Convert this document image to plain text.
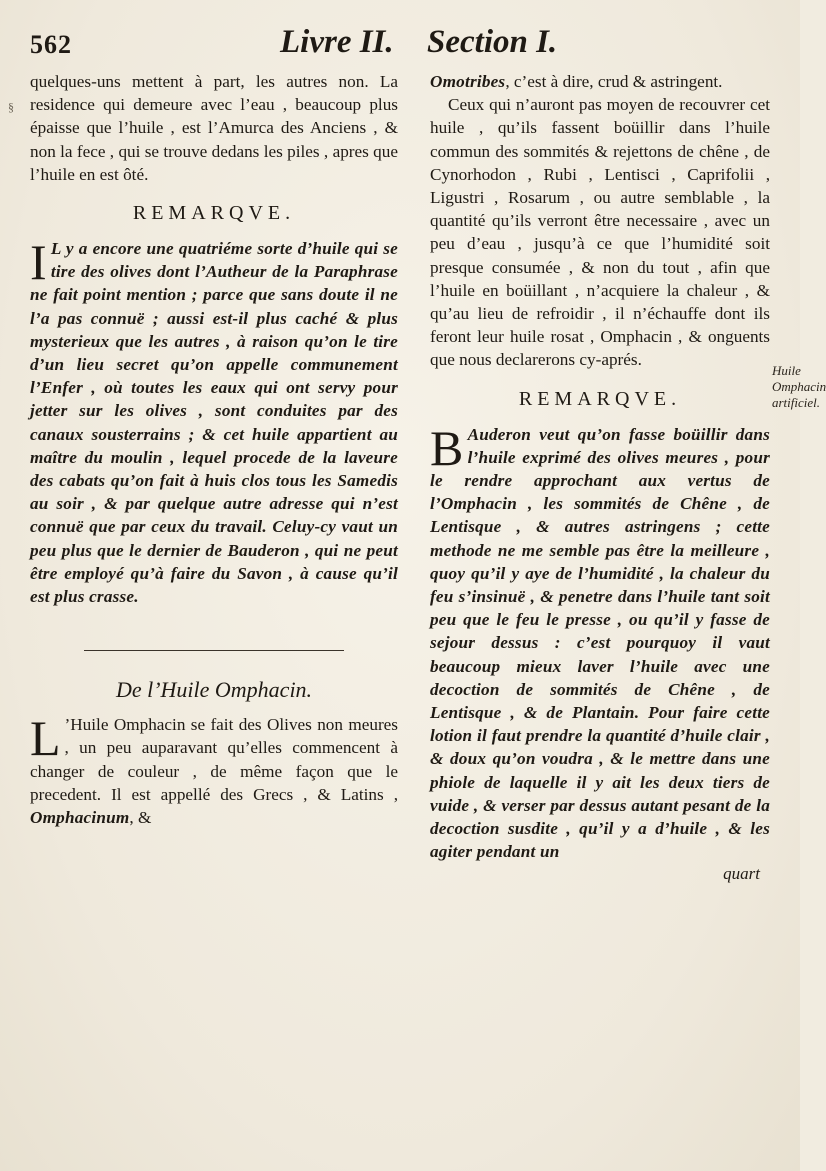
§
562	Livre II. Section I.

quelques-uns mettent à part, les autres non. La residence qui demeure avec l’eau , beaucoup plus épaisse que l’huile , est l’Amurca des Anciens , & non la fece , qui se trouve dedans les piles , apres que l’huile en est ôté.

REMARQVE.

I L y a encore une quatriéme sorte d’huile qui se tire des olives dont l’Autheur de la Paraphrase ne fait point mention ; parce que sans doute il ne l’a pas connuë ; aussi est-il plus caché & plus mysterieux que les autres , à raison qu’on le tire d’un lieu secret qu’on appelle communement l’Enfer , où toutes les eaux qui ont servy pour jetter sur les olives , sont conduites par des canaux sousterrains ; & cet huile appartient au maître du moulin , lequel procede de la laveure des cabats qu’on fait à huis clos tous les Samedis au soir , & par quelque autre adresse qui n’est connuë que par ceux du travail. Celuy-cy vaut un peu plus que le dernier de Bauderon , qui ne peut être employé qu’à faire du Savon , à cause qu’il est plus crasse.

De l’Huile Omphacin.

L ’Huile Omphacin se fait des Olives non meures , un peu auparavant qu’elles commencent à changer de couleur , de même façon que le precedent. Il est appellé des Grecs , & Latins , Omphacinum, &

Omotribes, c’est à dire, crud & astringent.

Ceux qui n’auront pas moyen de recouvrer cet huile , qu’ils fassent boüillir dans l’huile commun des sommités & rejettons de chêne , de Cynorhodon , Rubi , Lentisci , Caprifolii , Ligustri , Rosarum , ou autre semblable , la quantité qu’ils verront être necessaire , avec un peu d’eau , jusqu’à ce que l’humidité soit presque consumée , & non du tout , afin que l’huile en boüillant , n’acquiere la chaleur , & qu’au lieu de refroidir , il n’échauffe dont ils feront leur huile rosat , Omphacin , & onguents que nous declarerons cy-aprés.

REMARQVE.

B Auderon veut qu’on fasse boüillir dans l’huile exprimé des olives meures , pour le rendre approchant aux vertus de l’Omphacin , les sommités de Chêne , de Lentisque , & autres astringens ; cette methode ne me semble pas être la meilleure , quoy qu’il y aye de l’humidité , la chaleur du feu s’insinuë , & penetre dans l’huile tant soit peu que le feu le presse , ou qu’il y fasse de sejour dessus : c’est pourquoy il vaut beaucoup mieux laver l’huile avec une decoction de sommités de Chêne , de Lentisque , & de Plantain. Pour faire cette lotion il faut prendre la quantité d’huile clair , & doux qu’on voudra , & le mettre dans une phiole de laquelle il y ait les deux tiers de vuide , & verser par dessus autant pesant de la decoction susdite , qu’il y a d’huile , & les agiter pendant un

quart
Huile Omphacin artificiel.
